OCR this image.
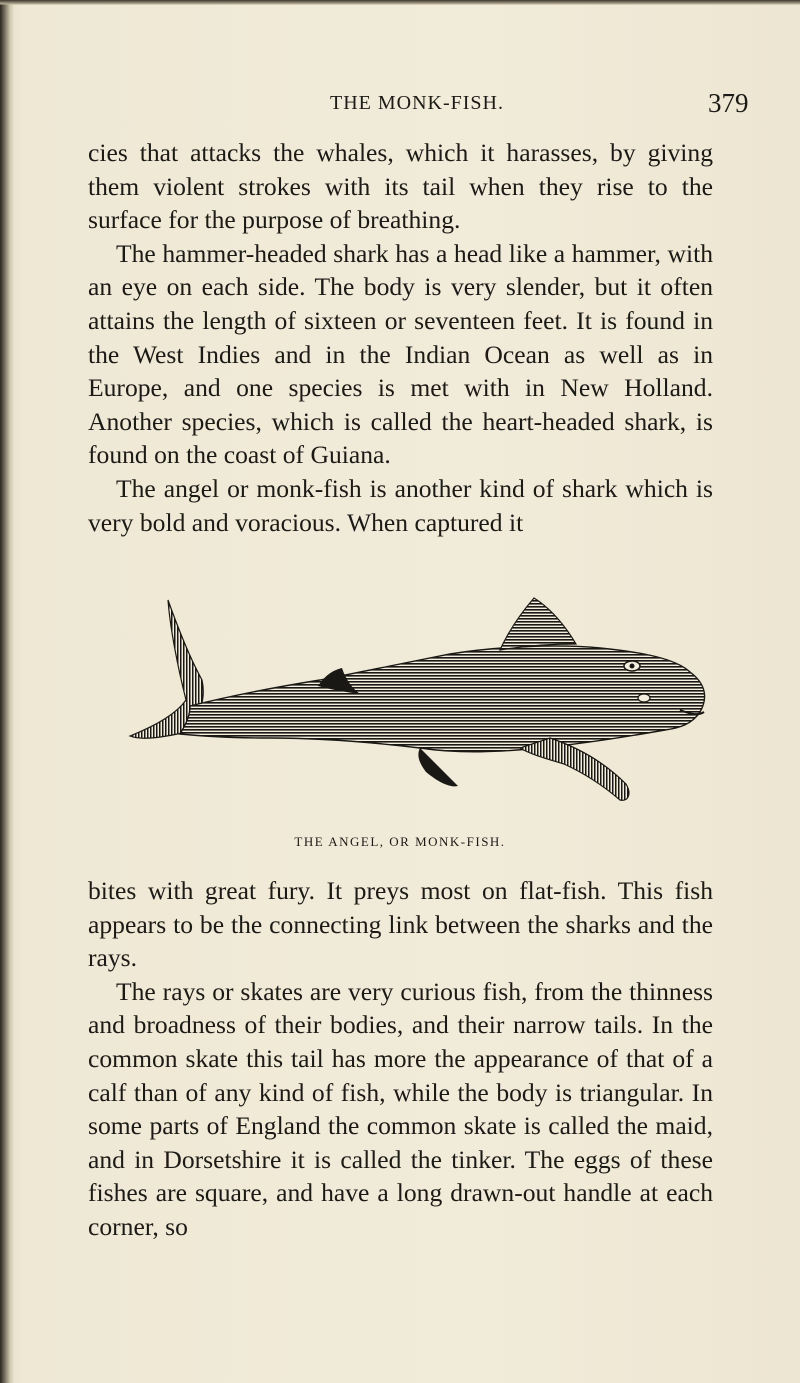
THE MONK-FISH.	379

cies that attacks the whales, which it harasses, by giving them violent strokes with its tail when they rise to the surface for the purpose of breathing.

The hammer-headed shark has a head like a hammer, with an eye on each side. The body is very slender, but it often attains the length of sixteen or seventeen feet. It is found in the West Indies and in the Indian Ocean as well as in Europe, and one species is met with in New Holland. Another species, which is called the heart-headed shark, is found on the coast of Guiana.

The angel or monk-fish is another kind of shark which is very bold and voracious. When captured it

THE ANGEL, OR MONK-FISH.

bites with great fury. It preys most on flat-fish. This fish appears to be the connecting link between the sharks and the rays.

The rays or skates are very curious fish, from the thinness and broadness of their bodies, and their narrow tails. In the common skate this tail has more the appearance of that of a calf than of any kind of fish, while the body is triangular. In some parts of England the common skate is called the maid, and in Dorsetshire it is called the tinker. The eggs of these fishes are square, and have a long drawn-out handle at each corner, so
